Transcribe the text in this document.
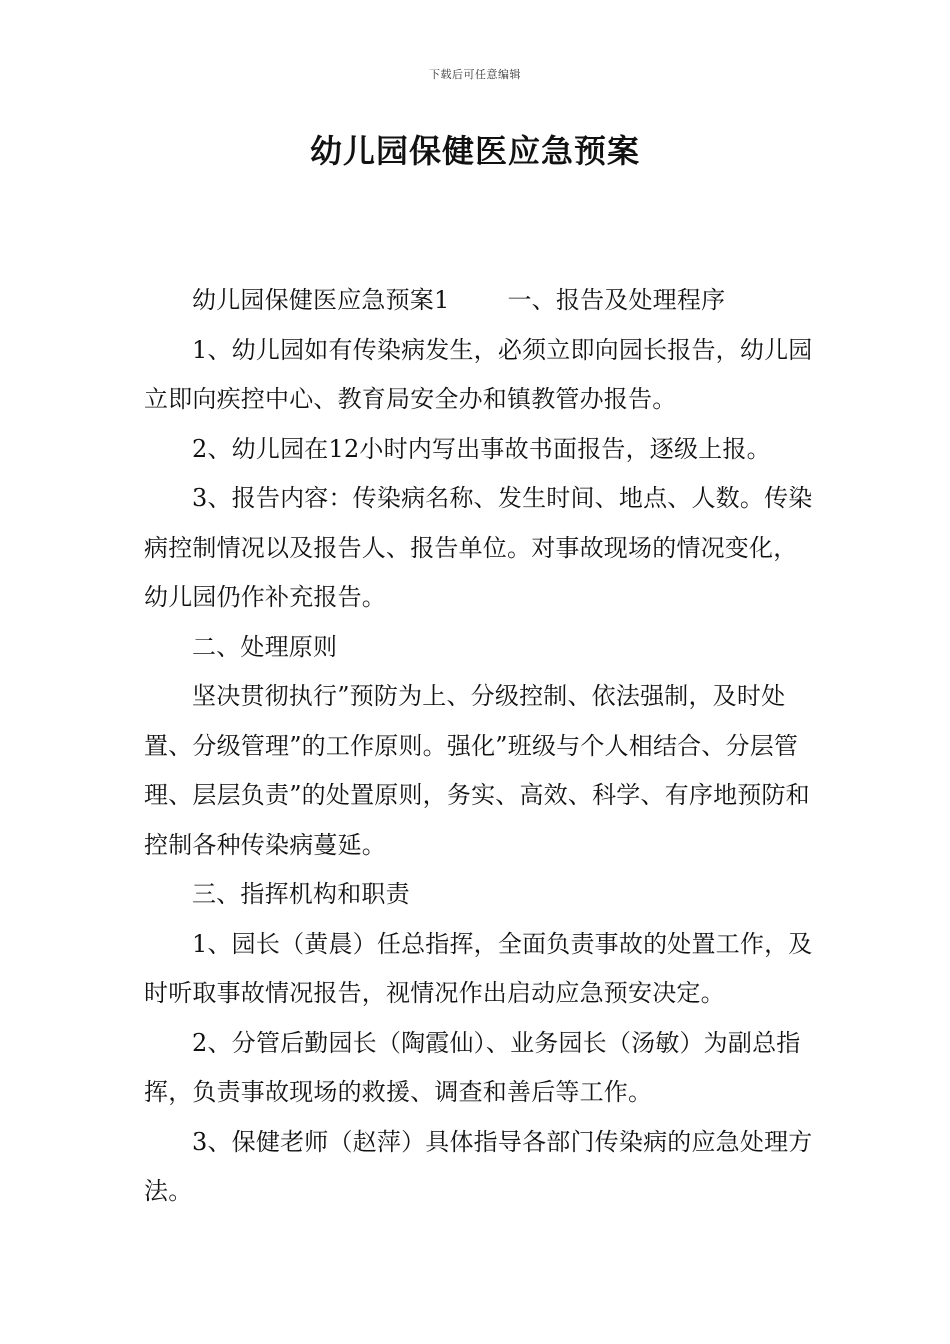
下载后可任意编辑
幼儿园保健医应急预案

幼儿园保健医应急预案1 一、报告及处理程序

1、幼儿园如有传染病发生，必须立即向园长报告，幼儿园立即向疾控中心、教育局安全办和镇教管办报告。

2、幼儿园在12小时内写出事故书面报告，逐级上报。

3、报告内容：传染病名称、发生时间、地点、人数。传染病控制情况以及报告人、报告单位。对事故现场的情况变化，幼儿园仍作补充报告。

二、处理原则

坚决贯彻执行”预防为上、分级控制、依法强制，及时处置、分级管理”的工作原则。强化”班级与个人相结合、分层管理、层层负责”的处置原则，务实、高效、科学、有序地预防和控制各种传染病蔓延。

三、指挥机构和职责

1、园长（黄晨）任总指挥，全面负责事故的处置工作，及时听取事故情况报告，视情况作出启动应急预安决定。

2、分管后勤园长（陶霞仙）、业务园长（汤敏）为副总指挥，负责事故现场的救援、调查和善后等工作。

3、保健老师（赵萍）具体指导各部门传染病的应急处理方法。
